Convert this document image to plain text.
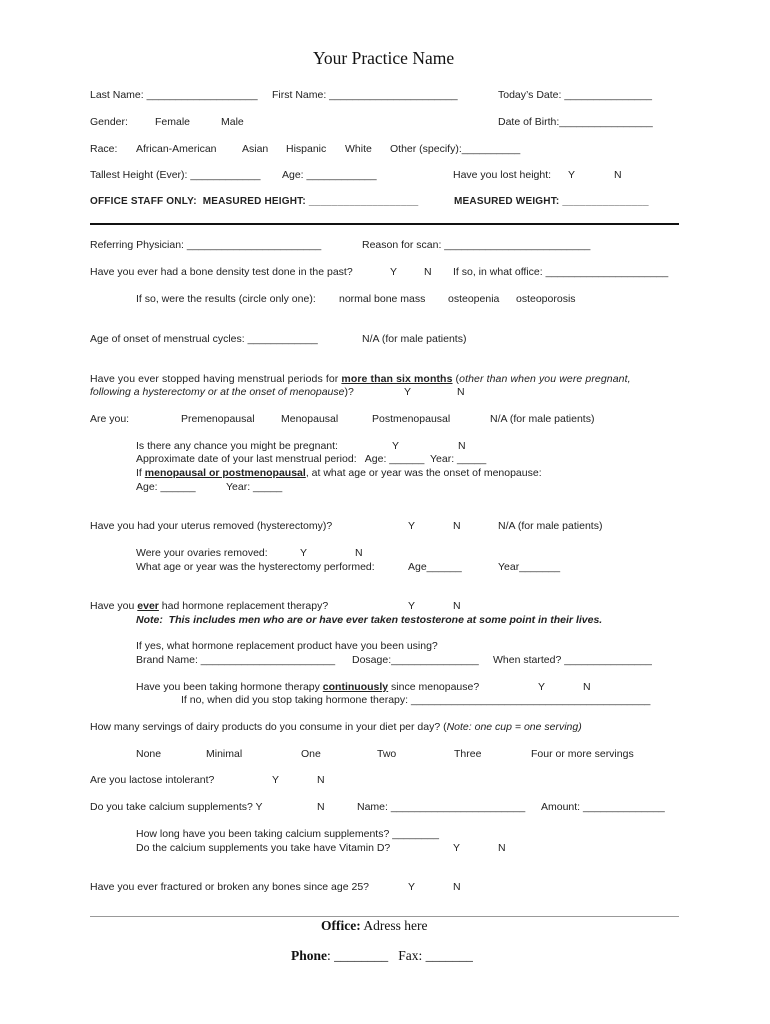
Your Practice Name
Last Name: ___________________ First Name: ______________________	Today’s Date: _______________
Gender:	Female	Male	Date of Birth:________________
Race: African-American Asian Hispanic White Other (specify):__________
Tallest Height (Ever): ____________ Age: ____________	Have you lost height: Y	N
OFFICE STAFF ONLY:  MEASURED HEIGHT: ___________________	MEASURED WEIGHT: _______________
Referring Physician: _______________________	Reason for scan: _________________________
Have you ever had a bone density test done in the past?	Y	N If so, in what office: _____________________
If so, were the results (circle only one): normal bone mass osteopenia osteoporosis
Age of onset of menstrual cycles: ____________	N/A (for male patients)
Have you ever stopped having menstrual periods for more than six months (other than when you were pregnant,
following a hysterectomy or at the onset of menopause)?	Y	N
Are you:	Premenopausal	Menopausal	Postmenopausal	N/A (for male patients)
Is there any chance you might be pregnant:	Y	N
Approximate date of your last menstrual period:   Age: ______  Year: _____
If menopausal or postmenopausal, at what age or year was the onset of menopause:
Age: ______	Year: _____
Have you had your uterus removed (hysterectomy)?	Y	N	N/A (for male patients)
Were your ovaries removed:	Y	N
What age or year was the hysterectomy performed:	Age______	Year_______
Have you ever had hormone replacement therapy?	Y	N
Note:  This includes men who are or have ever taken testosterone at some point in their lives.
If yes, what hormone replacement product have you been using?
Brand Name: _______________________ Dosage:_______________ When started? _______________
Have you been taking hormone therapy continuously since menopause?	Y	N
If no, when did you stop taking hormone therapy: _________________________________________
How many servings of dairy products do you consume in your diet per day? (Note: one cup = one serving)
None	Minimal	One	Two	Three	Four or more servings
Are you lactose intolerant?	Y	N
Do you take calcium supplements? Y	N	Name: _______________________ Amount: ______________
How long have you been taking calcium supplements? ________
Do the calcium supplements you take have Vitamin D?	Y	N
Have you ever fractured or broken any bones since age 25?	Y	N
Office: Adress here
Phone: ________   Fax: _______
